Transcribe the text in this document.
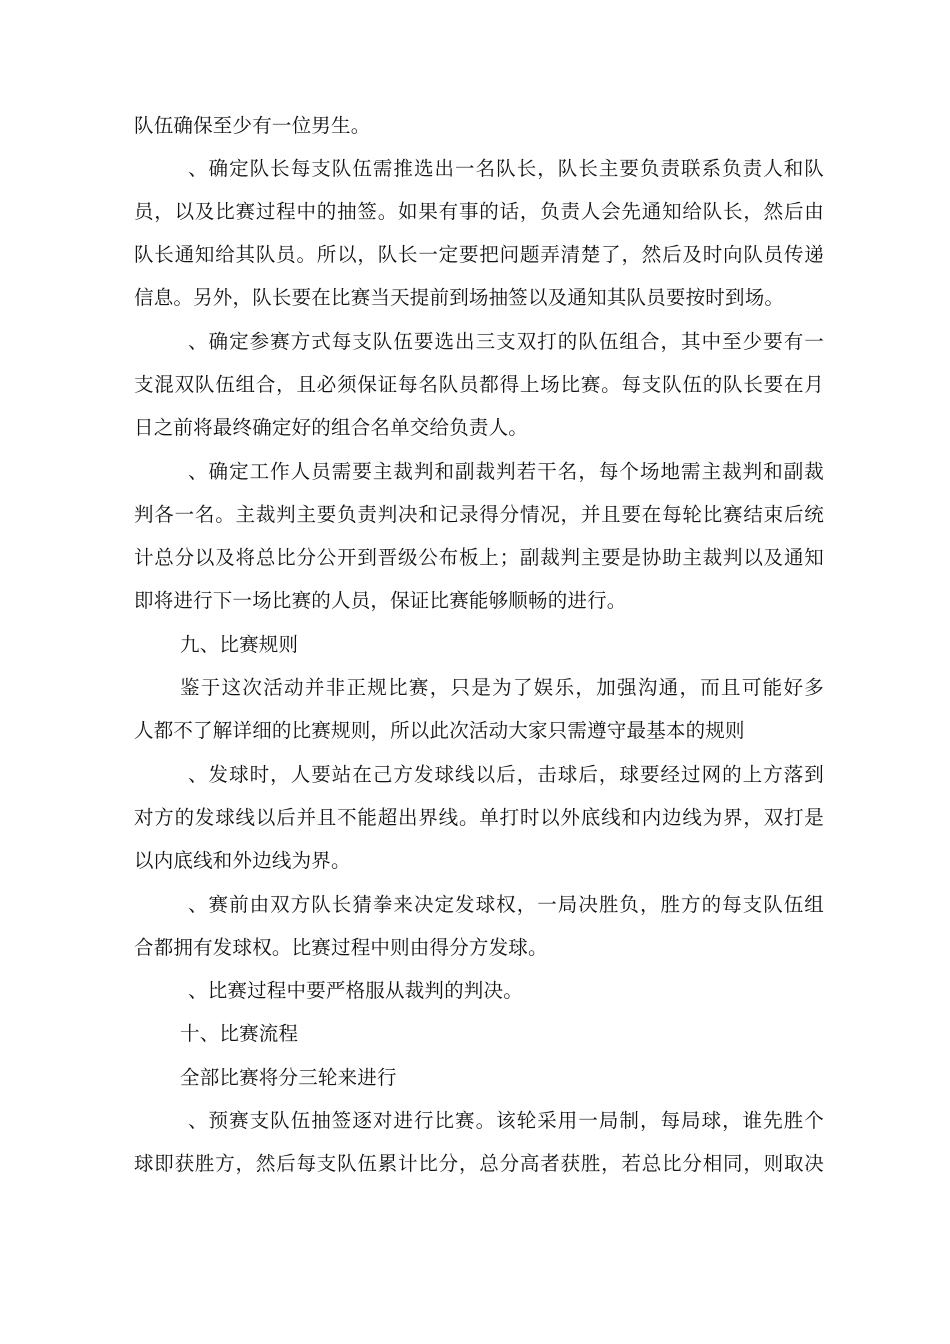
队伍确保至少有一位男生。
、确定队长每支队伍需推选出一名队长，队长主要负责联系负责人和队
员，以及比赛过程中的抽签。如果有事的话，负责人会先通知给队长，然后由
队长通知给其队员。所以，队长一定要把问题弄清楚了，然后及时向队员传递
信息。另外，队长要在比赛当天提前到场抽签以及通知其队员要按时到场。
、确定参赛方式每支队伍要选出三支双打的队伍组合，其中至少要有一
支混双队伍组合，且必须保证每名队员都得上场比赛。每支队伍的队长要在月
日之前将最终确定好的组合名单交给负责人。
、确定工作人员需要主裁判和副裁判若干名，每个场地需主裁判和副裁
判各一名。主裁判主要负责判决和记录得分情况，并且要在每轮比赛结束后统
计总分以及将总比分公开到晋级公布板上；副裁判主要是协助主裁判以及通知
即将进行下一场比赛的人员，保证比赛能够顺畅的进行。
九、比赛规则
鉴于这次活动并非正规比赛，只是为了娱乐，加强沟通，而且可能好多
人都不了解详细的比赛规则，所以此次活动大家只需遵守最基本的规则
、发球时，人要站在己方发球线以后，击球后，球要经过网的上方落到
对方的发球线以后并且不能超出界线。单打时以外底线和内边线为界，双打是
以内底线和外边线为界。
、赛前由双方队长猜拳来决定发球权，一局决胜负，胜方的每支队伍组
合都拥有发球权。比赛过程中则由得分方发球。
、比赛过程中要严格服从裁判的判决。
十、比赛流程
全部比赛将分三轮来进行
、预赛支队伍抽签逐对进行比赛。该轮采用一局制，每局球，谁先胜个
球即获胜方，然后每支队伍累计比分，总分高者获胜，若总比分相同，则取决
